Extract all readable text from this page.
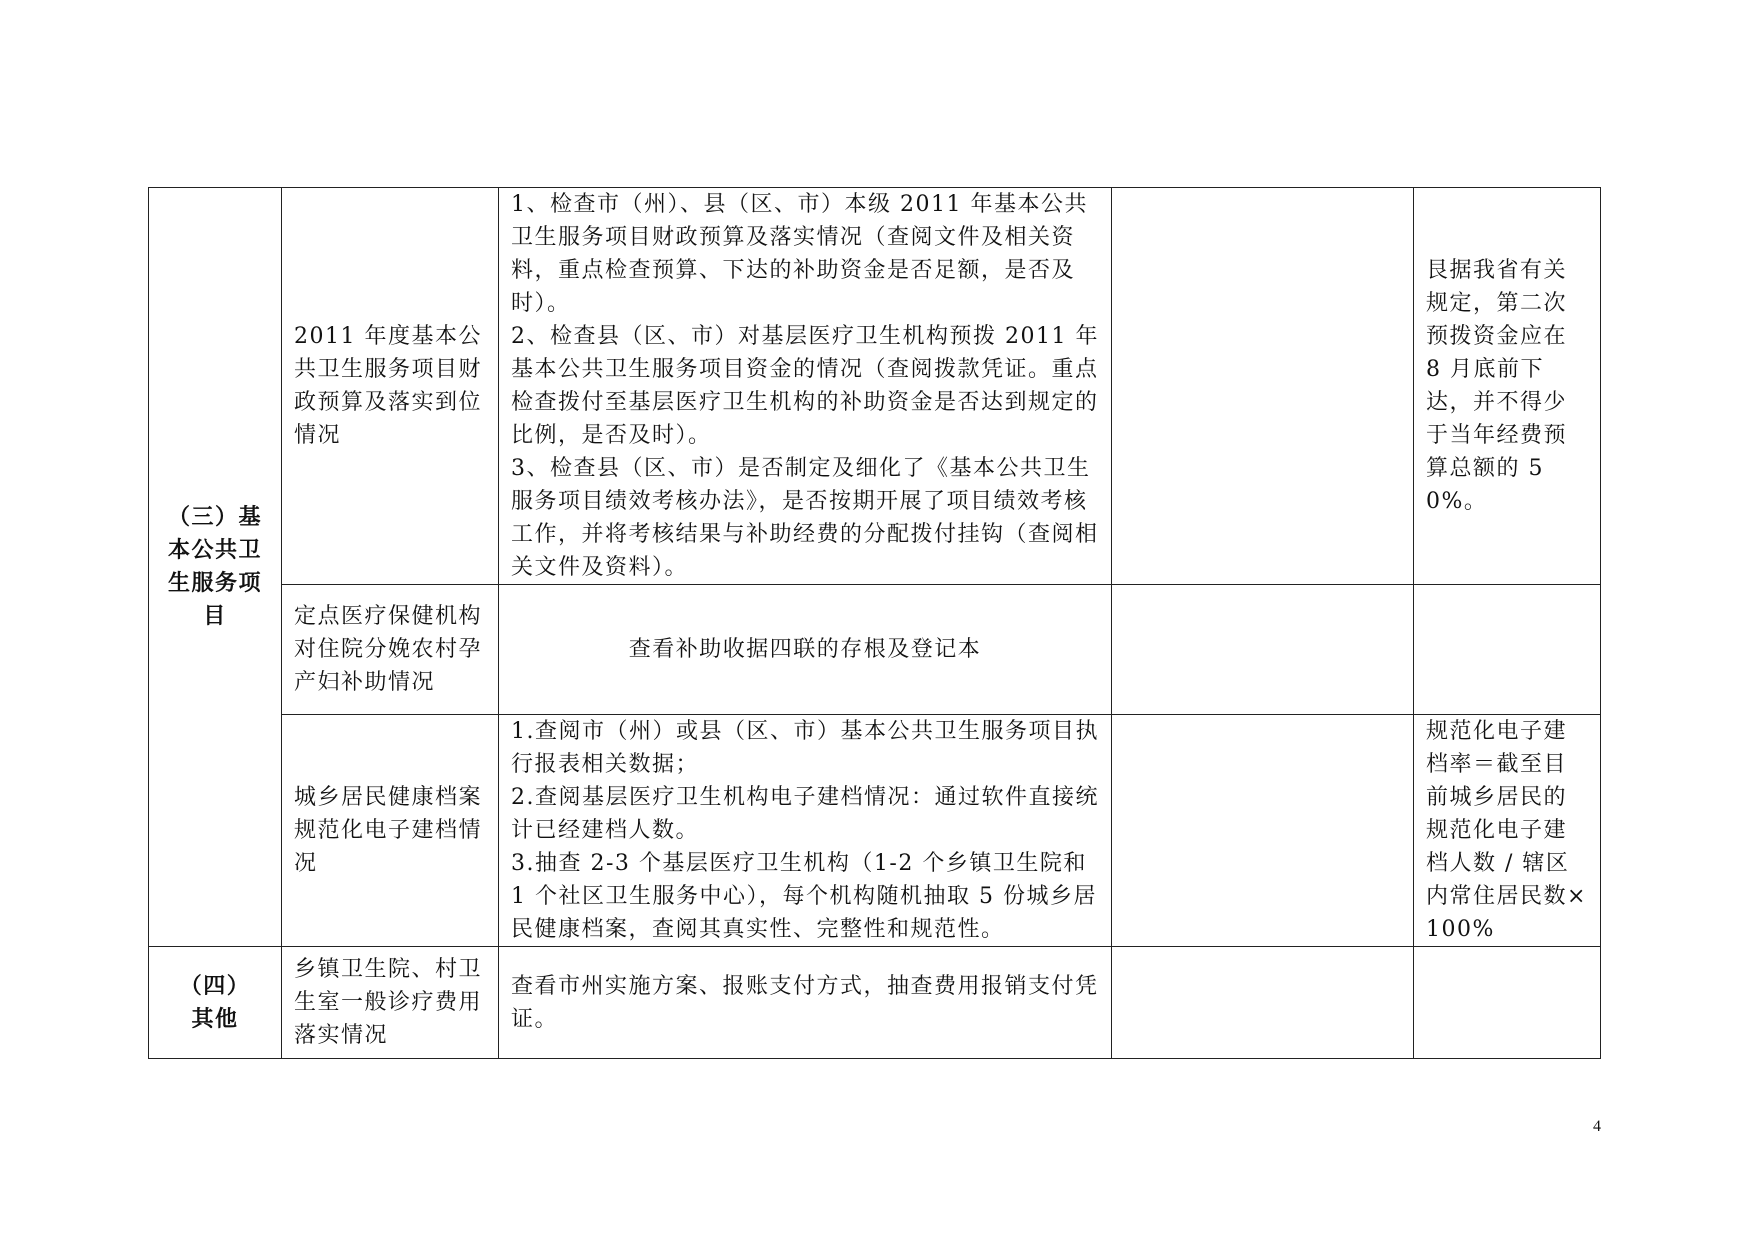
（三）基本公共卫生服务项目	2011 年度基本公共卫生服务项目财政预算及落实到位情况	1、检查市（州）、县（区、市）本级 2011 年基本公共卫生服务项目财政预算及落实情况（查阅文件及相关资料，重点检查预算、下达的补助资金是否足额，是否及时）。
2、检查县（区、市）对基层医疗卫生机构预拨 2011 年基本公共卫生服务项目资金的情况（查阅拨款凭证。重点检查拨付至基层医疗卫生机构的补助资金是否达到规定的比例，是否及时）。
3、检查县（区、市）是否制定及细化了《基本公共卫生服务项目绩效考核办法》，是否按期开展了项目绩效考核工作，并将考核结果与补助经费的分配拨付挂钩（查阅相关文件及资料）。		艮据我省有关规定，第二次预拨资金应在 8 月底前下达，并不得少于当年经费预算总额的 50%。
	定点医疗保健机构对住院分娩农村孕产妇补助情况	查看补助收据四联的存根及登记本		
	城乡居民健康档案规范化电子建档情况	1.查阅市（州）或县（区、市）基本公共卫生服务项目执行报表相关数据；
2.查阅基层医疗卫生机构电子建档情况：通过软件直接统计已经建档人数。
3.抽查 2-3 个基层医疗卫生机构（1-2 个乡镇卫生院和 1 个社区卫生服务中心），每个机构随机抽取 5 份城乡居民健康档案，查阅其真实性、完整性和规范性。		规范化电子建档率＝截至目前城乡居民的规范化电子建档人数 / 辖区内常住居民数×100%

（四）
其他	乡镇卫生院、村卫生室一般诊疗费用落实情况	查看市州实施方案、报账支付方式，抽查费用报销支付凭证。		
4
